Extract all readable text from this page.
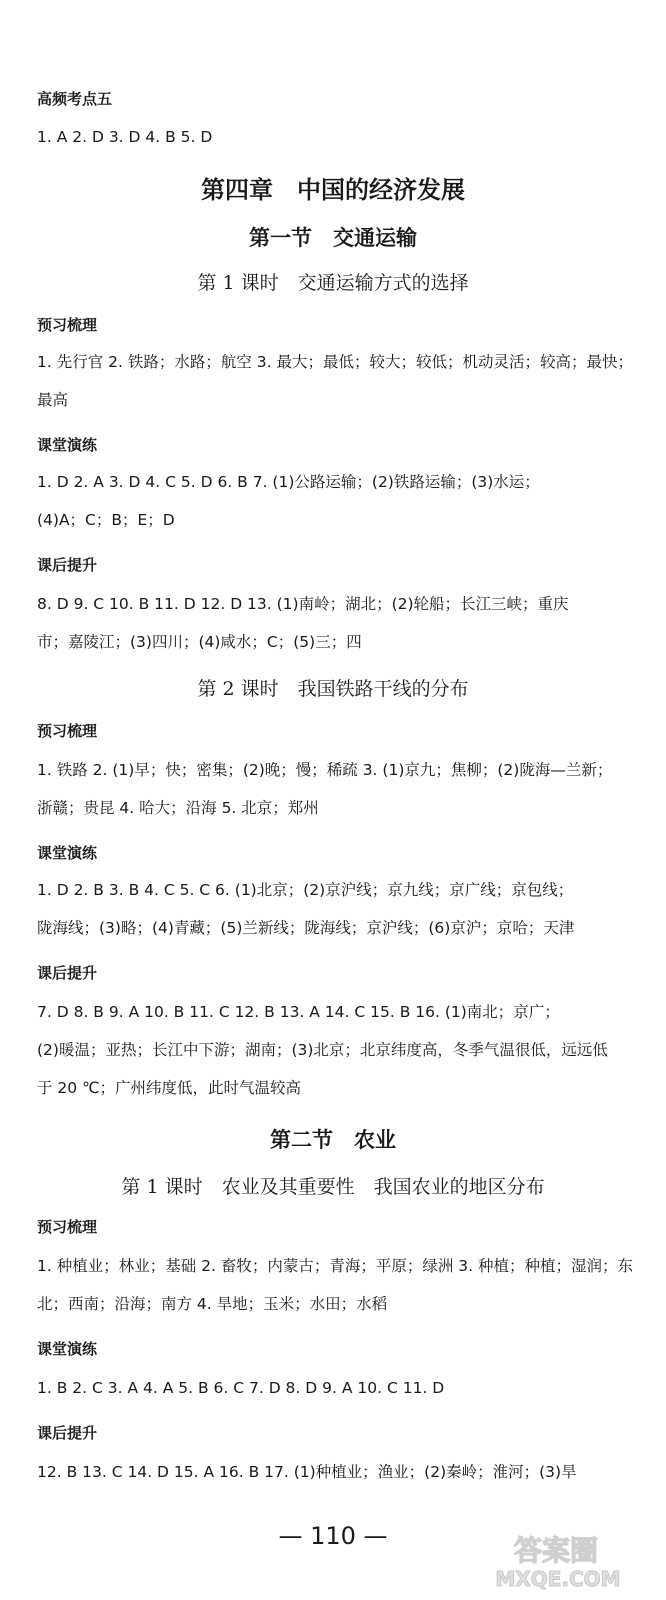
高频考点五
1. A 2. D 3. D 4. B 5. D
第四章　中国的经济发展
第一节　交通运输
第 1 课时　交通运输方式的选择
预习梳理
1. 先行官 2. 铁路；水路；航空 3. 最大；最低；较大；较低；机动灵活；较高；最快；
最高
课堂演练
1. D 2. A 3. D 4. C 5. D 6. B 7. (1)公路运输；(2)铁路运输；(3)水运；
(4)A；C；B；E；D
课后提升
8. D 9. C 10. B 11. D 12. D 13. (1)南岭；湖北；(2)轮船；长江三峡；重庆
市；嘉陵江；(3)四川；(4)咸水；C；(5)三；四
第 2 课时　我国铁路干线的分布
预习梳理
1. 铁路 2. (1)早；快；密集；(2)晚；慢；稀疏 3. (1)京九；焦柳；(2)陇海—兰新；
浙赣；贵昆 4. 哈大；沿海 5. 北京；郑州
课堂演练
1. D 2. B 3. B 4. C 5. C 6. (1)北京；(2)京沪线；京九线；京广线；京包线；
陇海线；(3)略；(4)青藏；(5)兰新线；陇海线；京沪线；(6)京沪；京哈；天津
课后提升
7. D 8. B 9. A 10. B 11. C 12. B 13. A 14. C 15. B 16. (1)南北；京广；
(2)暖温；亚热；长江中下游；湖南；(3)北京；北京纬度高，冬季气温很低，远远低
于 20 ℃；广州纬度低，此时气温较高
第二节　农业
第 1 课时　农业及其重要性　我国农业的地区分布
预习梳理
1. 种植业；林业；基础 2. 畜牧；内蒙古；青海；平原；绿洲 3. 种植；种植；湿润；东
北；西南；沿海；南方 4. 旱地；玉米；水田；水稻
课堂演练
1. B 2. C 3. A 4. A 5. B 6. C 7. D 8. D 9. A 10. C 11. D
课后提升
12. B 13. C 14. D 15. A 16. B 17. (1)种植业；渔业；(2)秦岭；淮河；(3)旱
— 110 —	答案圈
MXQE.COM
